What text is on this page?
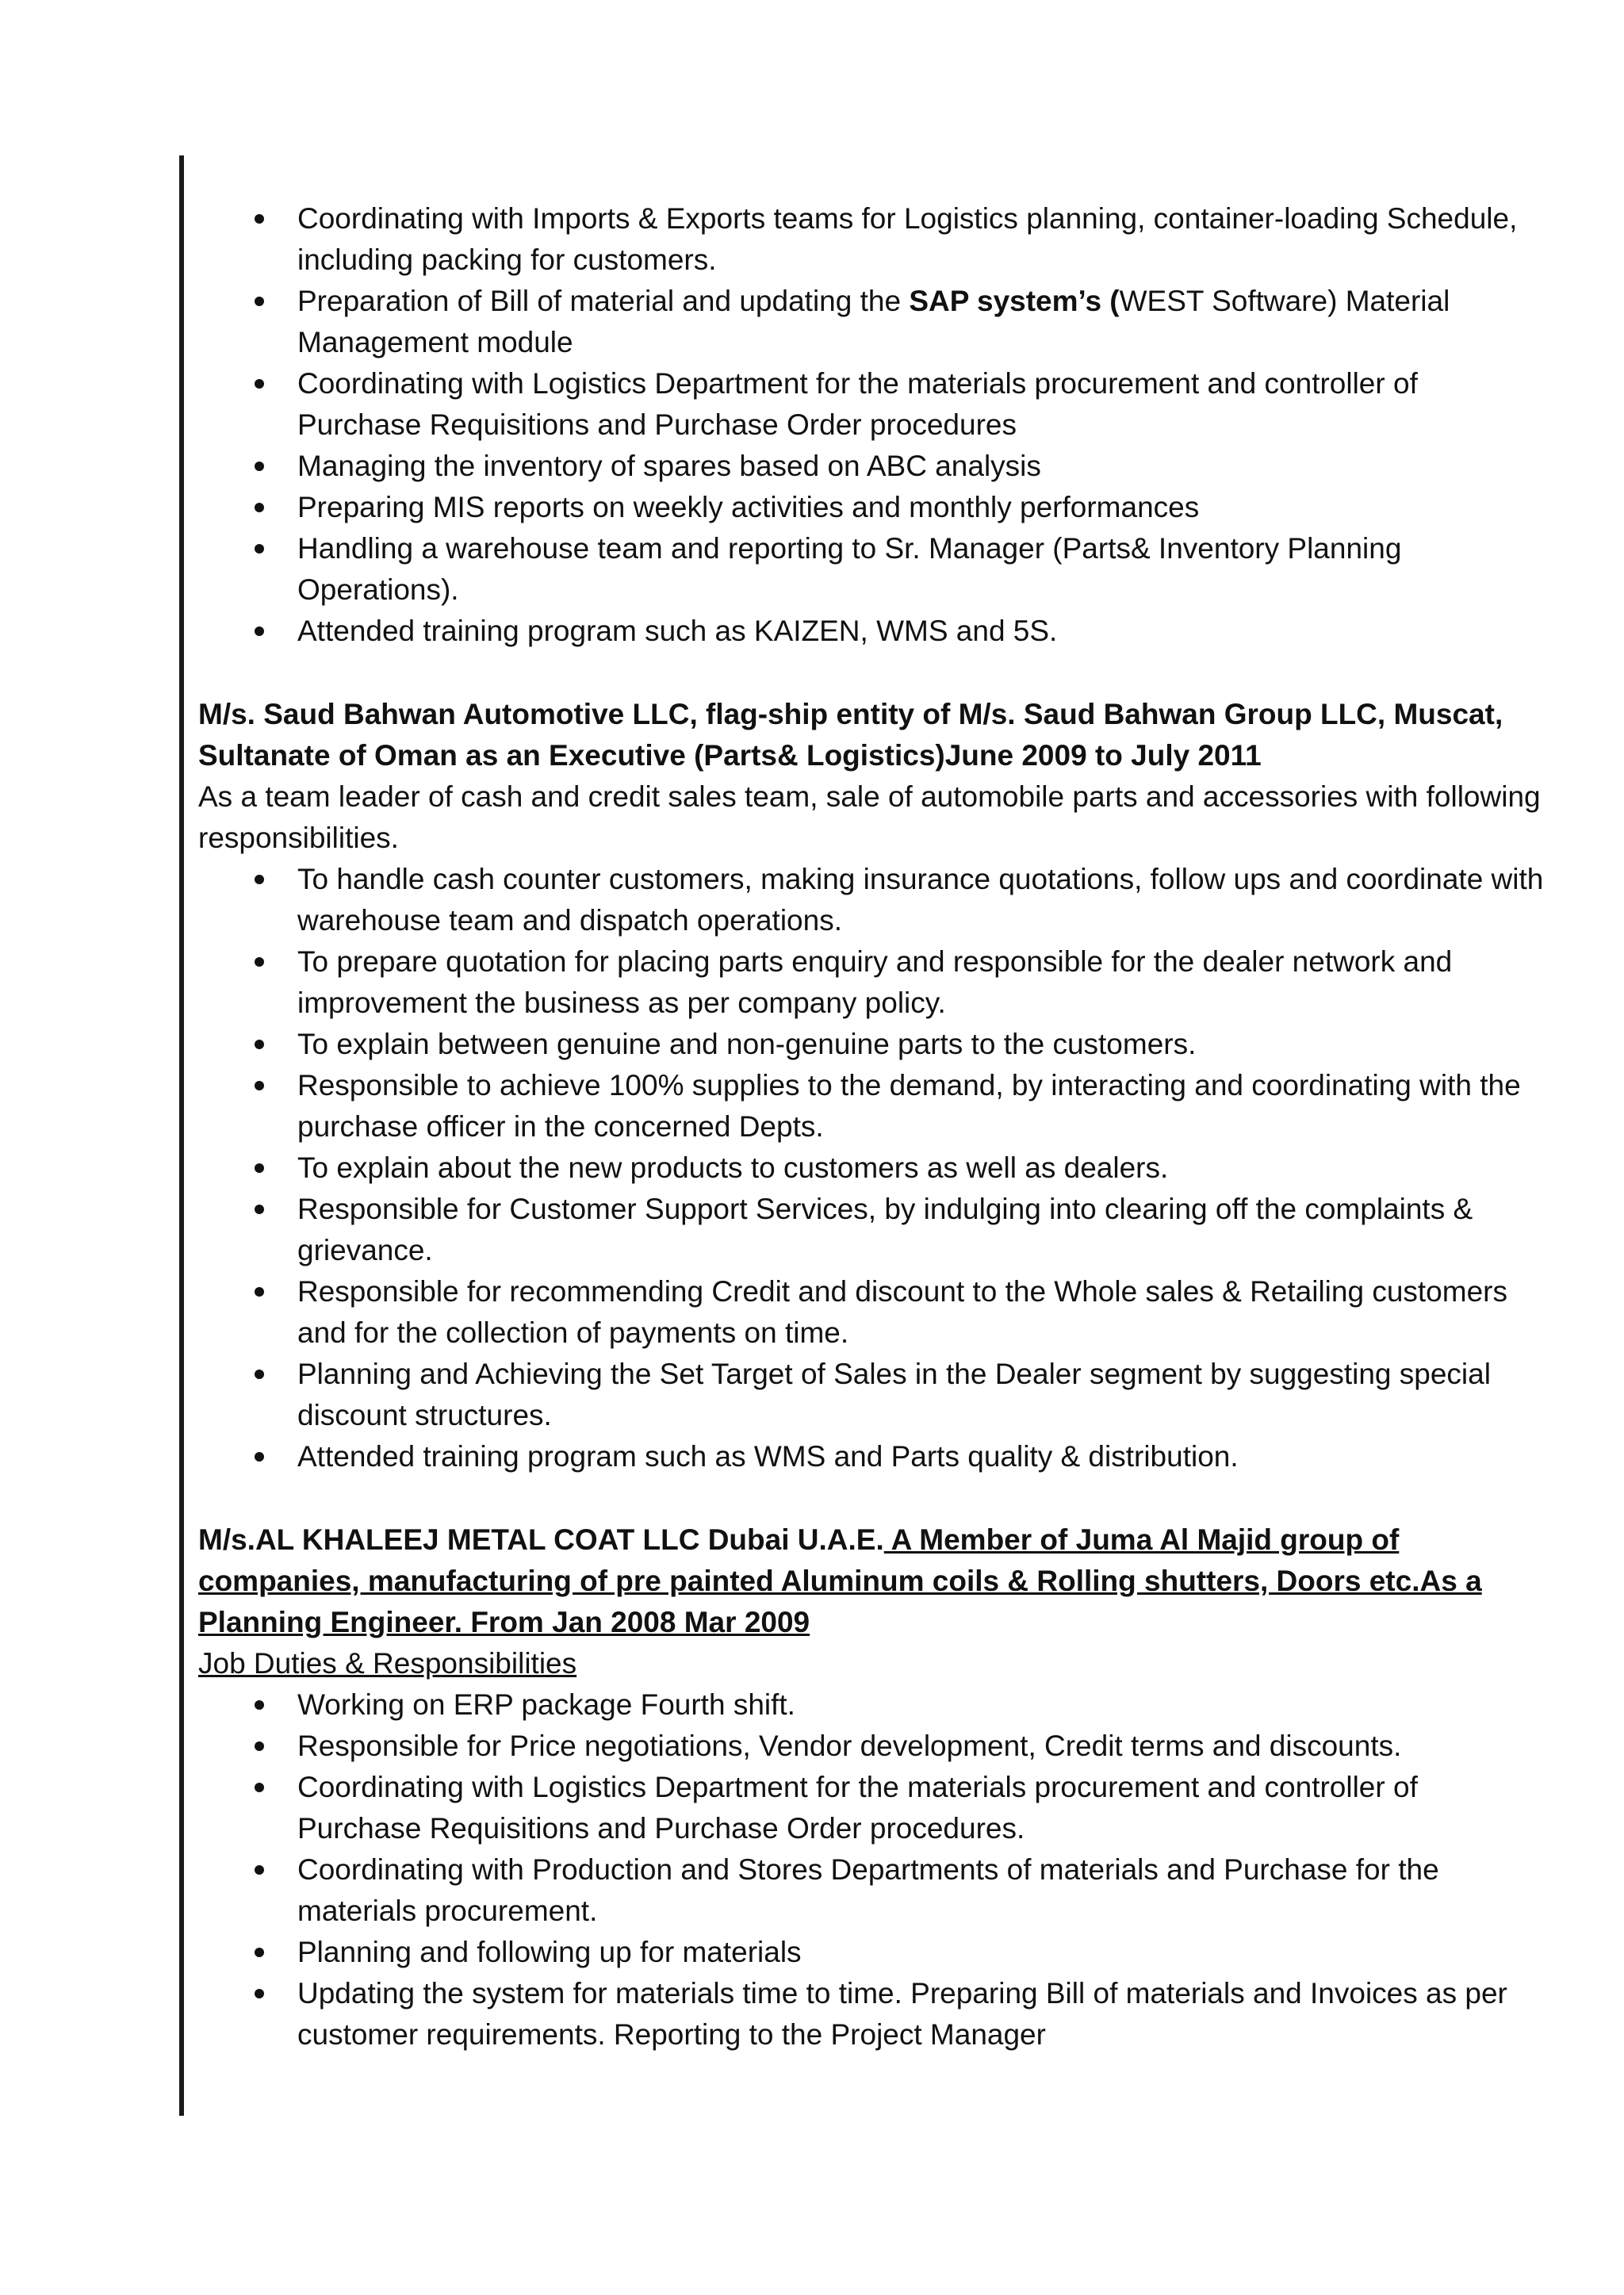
Coordinating with Imports & Exports teams for Logistics planning, container-loading Schedule, including packing for customers.
Preparation of Bill of material and updating the SAP system’s (WEST Software) Material Management module
Coordinating with Logistics Department for the materials procurement and controller of Purchase Requisitions and Purchase Order procedures
Managing the inventory of spares based on ABC analysis
Preparing MIS reports on weekly activities and monthly performances
Handling a warehouse team and reporting to Sr. Manager (Parts& Inventory Planning Operations).
Attended training program such as KAIZEN, WMS and 5S.

M/s. Saud Bahwan Automotive LLC, flag-ship entity of M/s. Saud Bahwan Group LLC, Muscat, Sultanate of Oman as an Executive (Parts& Logistics)June 2009 to July 2011

As a team leader of cash and credit sales team, sale of automobile parts and accessories with following responsibilities.

To handle cash counter customers, making insurance quotations, follow ups and coordinate with warehouse team and dispatch operations.
To prepare quotation for placing parts enquiry and responsible for the dealer network and improvement the business as per company policy.
To explain between genuine and non-genuine parts to the customers.
Responsible to achieve 100% supplies to the demand, by interacting and coordinating with the purchase officer in the concerned Depts.
To explain about the new products to customers as well as dealers.
Responsible for Customer Support Services, by indulging into clearing off the complaints & grievance.
Responsible for recommending Credit and discount to the Whole sales & Retailing customers and for the collection of payments on time.
Planning and Achieving the Set Target of Sales in the Dealer segment by suggesting special discount structures.
Attended training program such as WMS and Parts quality & distribution.

M/s.AL KHALEEJ METAL COAT LLC Dubai U.A.E. A Member of Juma Al Majid group of companies, manufacturing of pre painted Aluminum coils & Rolling shutters, Doors etc.As a Planning Engineer. From Jan 2008 Mar 2009

Job Duties & Responsibilities

Working on ERP package Fourth shift.
Responsible for Price negotiations, Vendor development, Credit terms and discounts.
Coordinating with Logistics Department for the materials procurement and controller of Purchase Requisitions and Purchase Order procedures.
Coordinating with Production and Stores Departments of materials and Purchase for the materials procurement.
Planning and following up for materials
Updating the system for materials time to time. Preparing Bill of materials and Invoices as per customer requirements. Reporting to the Project Manager
